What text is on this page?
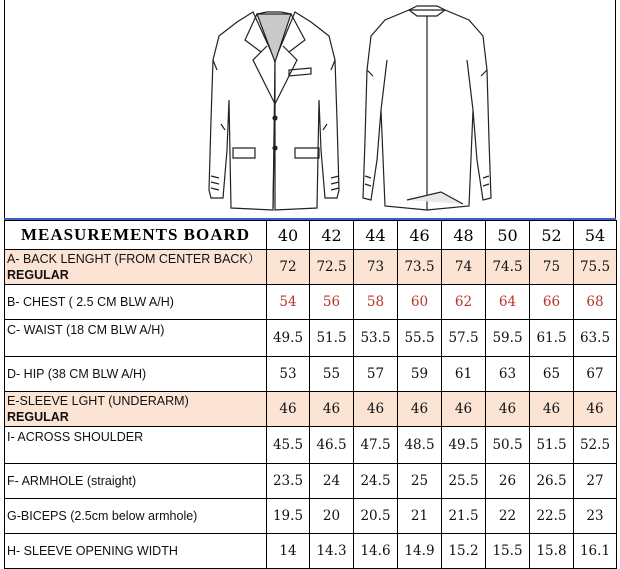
MEASUREMENTS BOARD	40	42	44	46	48	50	52	54
A- BACK LENGHT (FROM CENTER BACK） REGULAR	72	72.5	73	73.5	74	74.5	75	75.5
B- CHEST ( 2.5 CM BLW A/H)	54	56	58	60	62	64	66	68
C- WAIST (18 CM BLW A/H)	49.5	51.5	53.5	55.5	57.5	59.5	61.5	63.5
D- HIP (38 CM BLW A/H)	53	55	57	59	61	63	65	67
E-SLEEVE LGHT (UNDERARM)
REGULAR	46	46	46	46	46	46	46	46
I- ACROSS SHOULDER	45.5	46.5	47.5	48.5	49.5	50.5	51.5	52.5
F- ARMHOLE (straight)	23.5	24	24.5	25	25.5	26	26.5	27
G-BICEPS (2.5cm below armhole)	19.5	20	20.5	21	21.5	22	22.5	23
H- SLEEVE OPENING WIDTH	14	14.3	14.6	14.9	15.2	15.5	15.8	16.1
